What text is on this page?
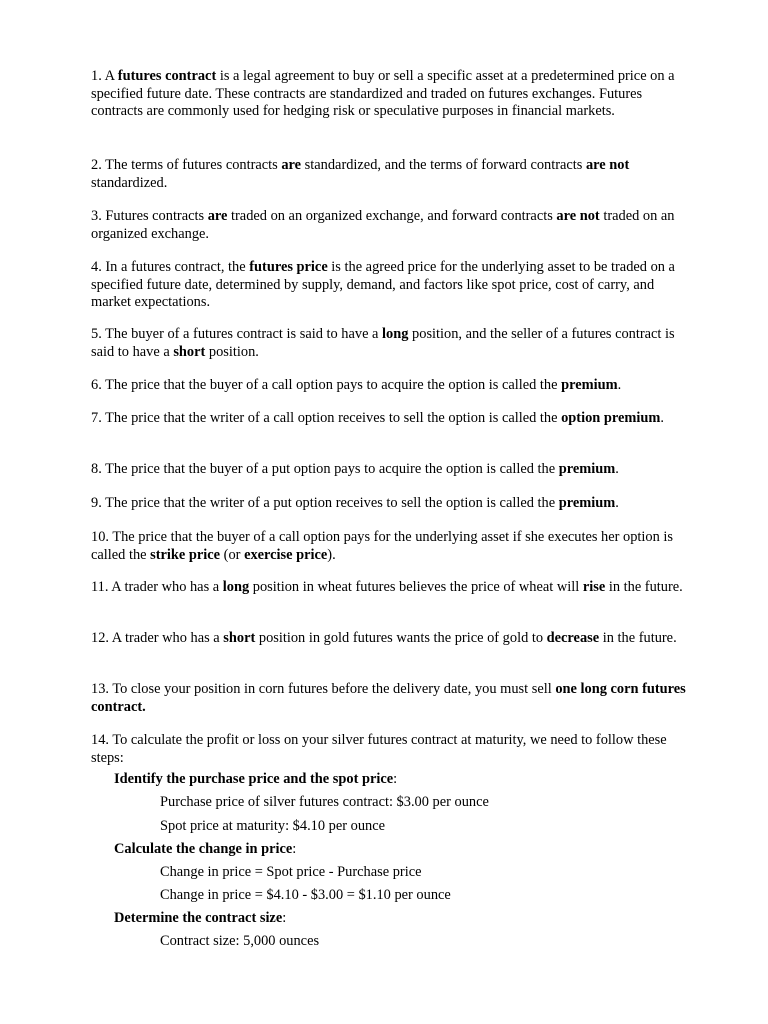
1. A futures contract is a legal agreement to buy or sell a specific asset at a predetermined price on a specified future date. These contracts are standardized and traded on futures exchanges. Futures contracts are commonly used for hedging risk or speculative purposes in financial markets.

2. The terms of futures contracts are standardized, and the terms of forward contracts are not standardized.

3. Futures contracts are traded on an organized exchange, and forward contracts are not traded on an organized exchange.

4. In a futures contract, the futures price is the agreed price for the underlying asset to be traded on a specified future date, determined by supply, demand, and factors like spot price, cost of carry, and market expectations.

5. The buyer of a futures contract is said to have a long position, and the seller of a futures contract is said to have a short position.

6. The price that the buyer of a call option pays to acquire the option is called the premium.

7. The price that the writer of a call option receives to sell the option is called the option premium.

8. The price that the buyer of a put option pays to acquire the option is called the premium.

9. The price that the writer of a put option receives to sell the option is called the premium.

10. The price that the buyer of a call option pays for the underlying asset if she executes her option is called the strike price (or exercise price).

11. A trader who has a long position in wheat futures believes the price of wheat will rise in the future.

12. A trader who has a short position in gold futures wants the price of gold to decrease in the future.

13. To close your position in corn futures before the delivery date, you must sell one long corn futures contract.

14. To calculate the profit or loss on your silver futures contract at maturity, we need to follow these steps:

Identify the purchase price and the spot price:

Purchase price of silver futures contract: $3.00 per ounce

Spot price at maturity: $4.10 per ounce

Calculate the change in price:

Change in price = Spot price - Purchase price

Change in price = $4.10 - $3.00 = $1.10 per ounce

Determine the contract size:

Contract size: 5,000 ounces
